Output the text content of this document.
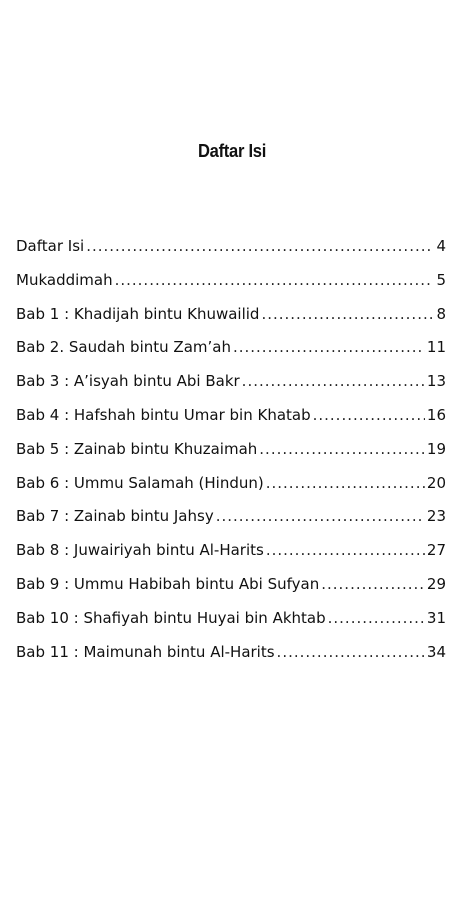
Daftar Isi
Daftar Isi .....	4
Mukaddimah .....	5
Bab 1 : Khadijah bintu Khuwailid .....	8
Bab 2. Saudah bintu Zam’ah .....	11
Bab 3 : A’isyah bintu Abi Bakr .....	13
Bab 4 : Hafshah bintu Umar bin Khatab .....	16
Bab 5 : Zainab bintu Khuzaimah .....	19
Bab 6 : Ummu Salamah (Hindun) .....	20
Bab 7 : Zainab bintu Jahsy .....	23
Bab 8 : Juwairiyah bintu Al-Harits .....	27
Bab 9 : Ummu Habibah bintu Abi Sufyan .....	29
Bab 10 : Shafiyah bintu Huyai bin Akhtab .....	31
Bab 11 : Maimunah bintu Al-Harits .....	34
